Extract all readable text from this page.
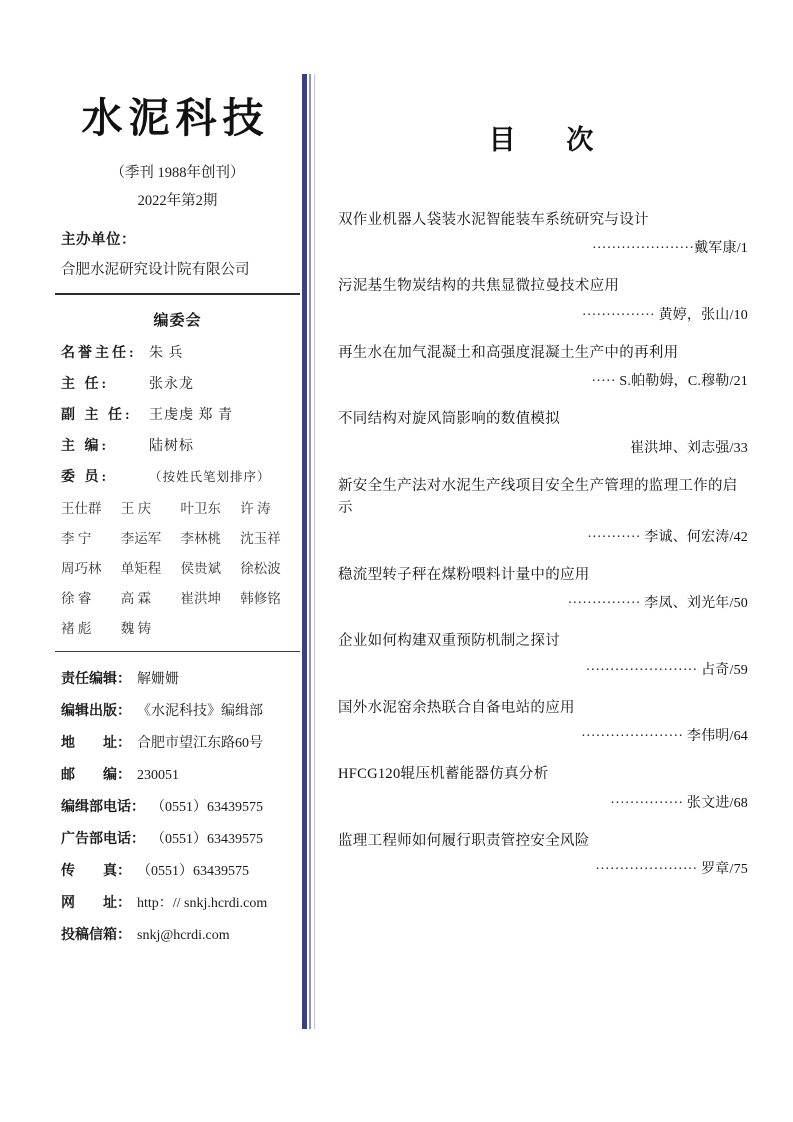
水泥科技
（季刊 1988年创刊）
2022年第2期
主办单位：
合肥水泥研究设计院有限公司
编委会
名誉主任: 朱 兵
主 任:	张永龙
副 主 任:	王虔虔 郑 青
主 编:	陆树标
委 员:	（按姓氏笔划排序）
王仕群	王 庆	叶卫东	许 涛
李 宁	李运军	李林桃	沈玉祥
周巧林	单矩程	侯贵斌	徐松波
徐 睿	高 霖	崔洪坤	韩修铭
褚 彪	魏 铸
责任编辑： 解姗姗
编辑出版： 《水泥科技》编缉部
地　　址： 合肥市望江东路60号
邮　　编： 230051
编缉部电话： （0551）63439575
广告部电话： （0551）63439575
传　　真： （0551）63439575
网　　址： http：// snkj.hcrdi.com
投稿信箱： snkj@hcrdi.com
目 次
双作业机器人袋装水泥智能装车系统研究与设计
·····················戴军康/1
污泥基生物炭结构的共焦显微拉曼技术应用
··············· 黄婷，张山/10
再生水在加气混凝土和高强度混凝土生产中的再利用
····· S.帕勒姆，C.穆勒/21
不同结构对旋风筒影响的数值模拟
崔洪坤、刘志强/33
新安全生产法对水泥生产线项目安全生产管理的监理工作的启示
··········· 李诚、何宏涛/42
稳流型转子秤在煤粉喂料计量中的应用
··············· 李凤、刘光年/50
企业如何构建双重预防机制之探讨
······················· 占奇/59
国外水泥窑余热联合自备电站的应用
····················· 李伟明/64
HFCG120辊压机蓄能器仿真分析
··············· 张文进/68
监理工程师如何履行职责管控安全风险
····················· 罗章/75
